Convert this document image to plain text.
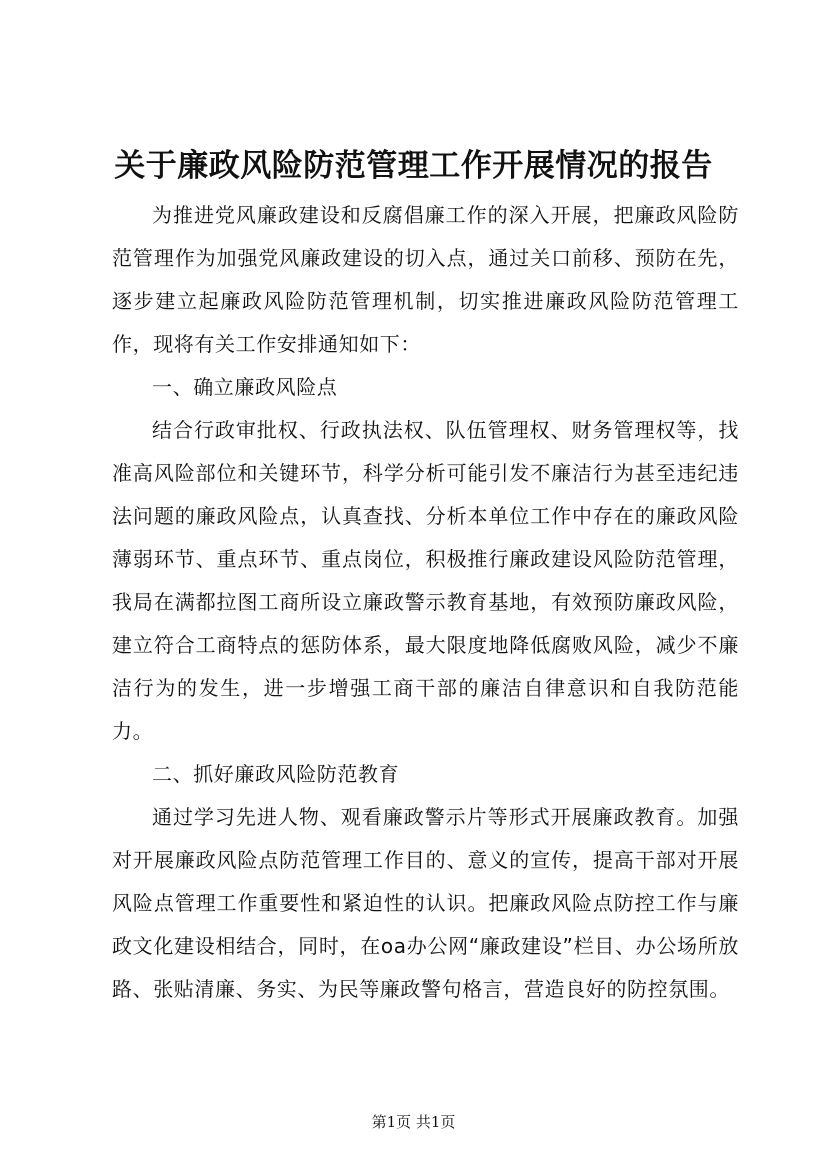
关于廉政风险防范管理工作开展情况的报告

为推进党风廉政建设和反腐倡廉工作的深入开展，把廉政风险防范管理作为加强党风廉政建设的切入点，通过关口前移、预防在先，逐步建立起廉政风险防范管理机制，切实推进廉政风险防范管理工作，现将有关工作安排通知如下：

一、确立廉政风险点

结合行政审批权、行政执法权、队伍管理权、财务管理权等，找准高风险部位和关键环节，科学分析可能引发不廉洁行为甚至违纪违法问题的廉政风险点，认真查找、分析本单位工作中存在的廉政风险薄弱环节、重点环节、重点岗位，积极推行廉政建设风险防范管理，我局在满都拉图工商所设立廉政警示教育基地，有效预防廉政风险，建立符合工商特点的惩防体系，最大限度地降低腐败风险，减少不廉洁行为的发生，进一步增强工商干部的廉洁自律意识和自我防范能力。

二、抓好廉政风险防范教育

通过学习先进人物、观看廉政警示片等形式开展廉政教育。加强对开展廉政风险点防范管理工作目的、意义的宣传，提高干部对开展风险点管理工作重要性和紧迫性的认识。把廉政风险点防控工作与廉政文化建设相结合，同时，在oa办公网“廉政建设”栏目、办公场所放路、张贴清廉、务实、为民等廉政警句格言，营造良好的防控氛围。

第1页 共1页
